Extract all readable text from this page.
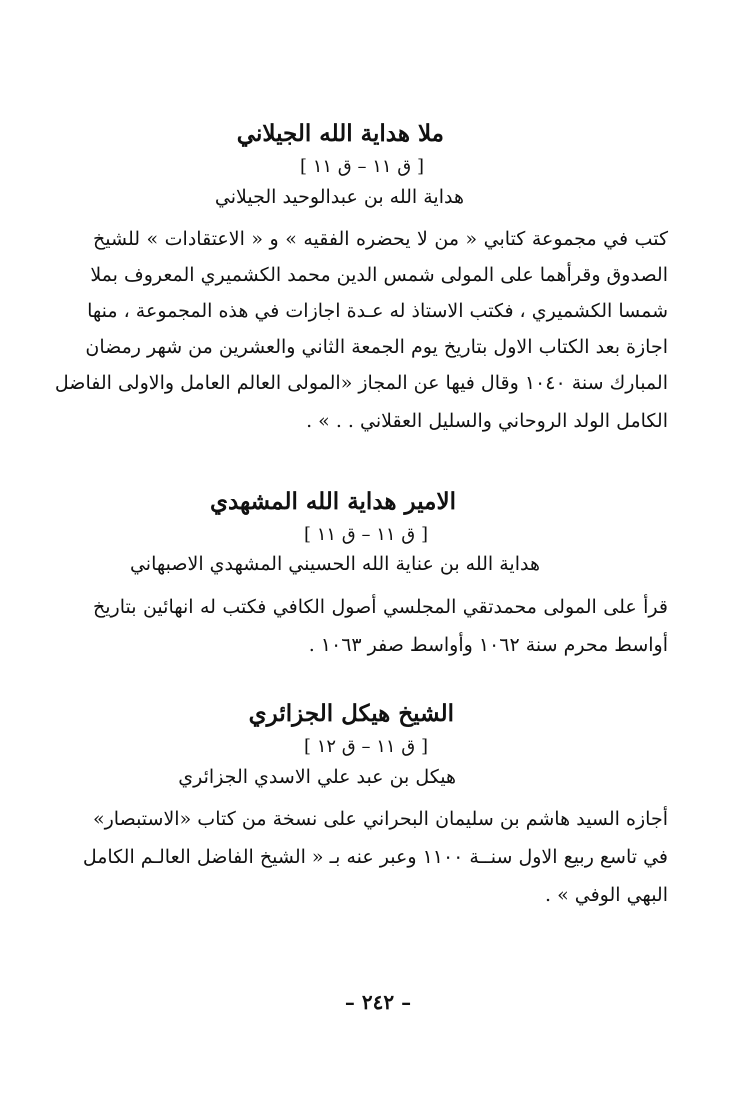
ملا هداية الله الجيلاني
[ ق ١١ – ق ١١ ]
هداية الله بن عبدالوحيد الجيلاني
كتب في مجموعة كتابي « من لا يحضره الفقيه » و « الاعتقادات » للشيخ
الصدوق وقرأهما على المولى شمس الدين محمد الكشميري المعروف بملا
شمسا الكشميري ، فكتب الاستاذ له عـدة اجازات في هذه المجموعة ، منها
اجازة بعد الكتاب الاول بتاريخ يوم الجمعة الثاني والعشرين من شهر رمضان
المبارك سنة ١٠٤٠ وقال فيها عن المجاز «المولى العالم العامل والاولى الفاضل
الكامل الولد الروحاني والسليل العقلاني . . » .
الامير هداية الله المشهدي
[ ق ١١ – ق ١١ ]
هداية الله بن عناية الله الحسيني المشهدي الاصبهاني
قرأ على المولى محمدتقي المجلسي أصول الكافي فكتب له انهائين بتاريخ
أواسط محرم سنة ١٠٦٢ وأواسط صفر ١٠٦٣ .
الشيخ هيكل الجزائري
[ ق ١١ – ق ١٢ ]
هيكل بن عبد علي الاسدي الجزائري
أجازه السيد هاشم بن سليمان البحراني على نسخة من كتاب «الاستبصار»
في تاسع ربيع الاول سنــة ١١٠٠ وعبر عنه بـ « الشيخ الفاضل العالـم الكامل
البهي الوفي » .
– ٢٤٢ –
